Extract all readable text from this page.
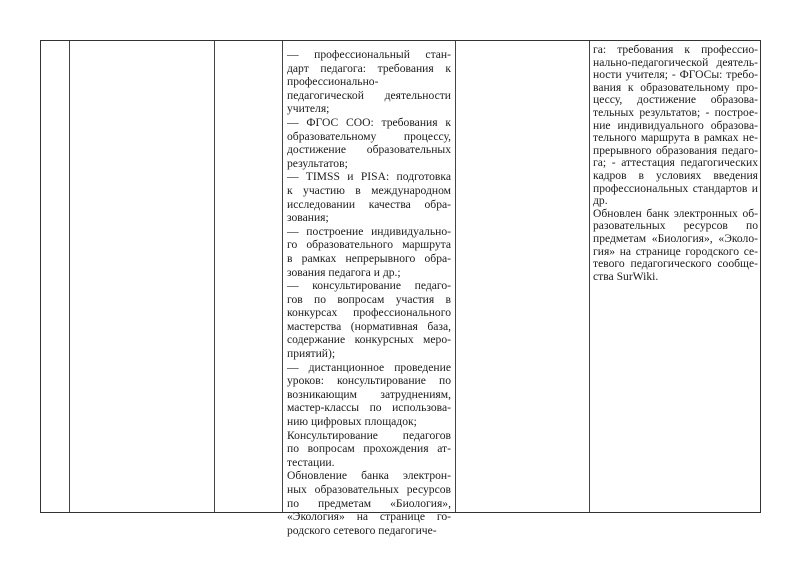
— профессиональный стан-
дарт педагога: требования к
профессионально-
педагогической деятельности
учителя;
— ФГОС СОО: требования к
образовательному процессу,
достижение образовательных
результатов;
— TIMSS и PISA: подготовка
к участию в международном
исследовании качества обра-
зования;
— построение индивидуально-
го образовательного маршрута
в рамках непрерывного обра-
зования педагога и др.;
— консультирование педаго-
гов по вопросам участия в
конкурсах профессионального
мастерства (нормативная база,
содержание конкурсных меро-
приятий);
— дистанционное проведение
уроков: консультирование по
возникающим затруднениям,
мастер-классы по использова-
нию цифровых площадок;
Консультирование педагогов
по вопросам прохождения ат-
тестации.
Обновление банка электрон-
ных образовательных ресурсов
по предметам «Биология»,
«Экология» на странице го-
родского сетевого педагогиче-
га: требования к профессио-
нально-педагогической деятель-
ности учителя; - ФГОСы: требо-
вания к образовательному про-
цессу, достижение образова-
тельных результатов; - построе-
ние индивидуального образова-
тельного маршрута в рамках не-
прерывного образования педаго-
га; - аттестация педагогических
кадров в условиях введения
профессиональных стандартов и
др.
Обновлен банк электронных об-
разовательных ресурсов по
предметам «Биология», «Эколо-
гия» на странице городского се-
тевого педагогического сообще-
ства SurWiki.
